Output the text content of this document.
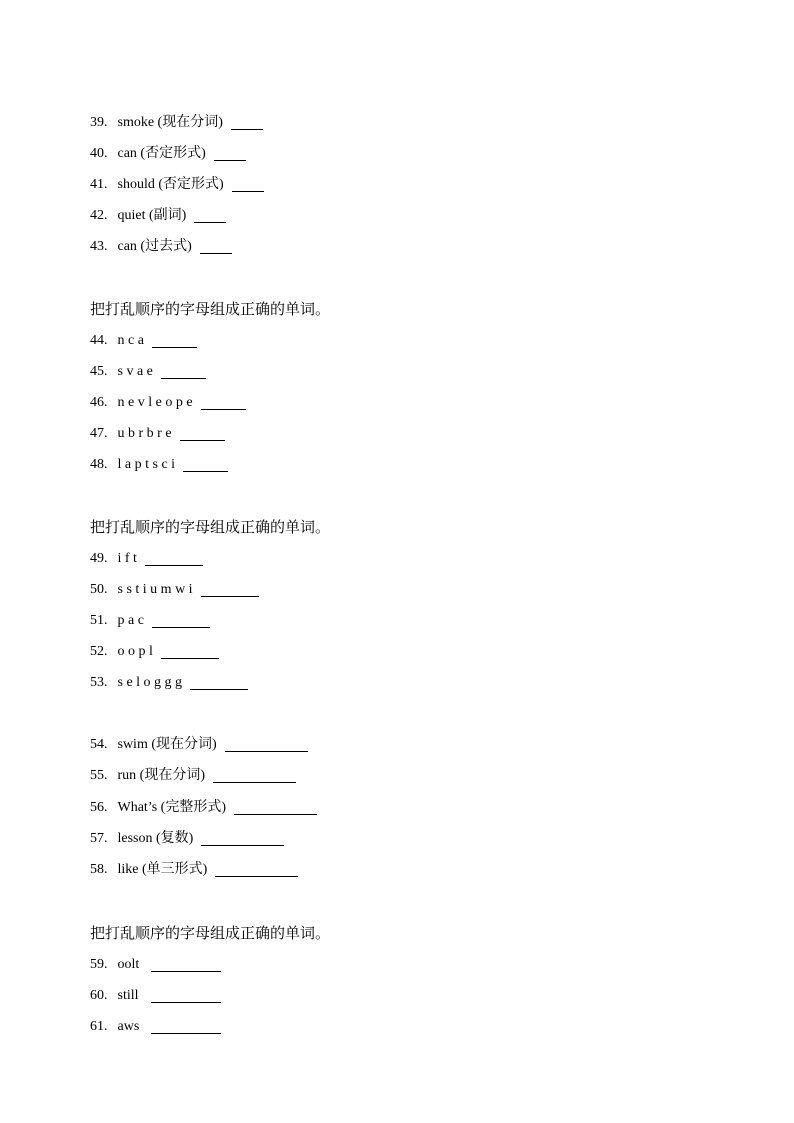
39. smoke (现在分词)
40. can (否定形式)
41. should (否定形式)
42. quiet (副词)
43. can (过去式)
把打乱顺序的字母组成正确的单词。
44. n c a
45. s v a e
46. n e v l e o p e
47. u b r b r e
48. l a p t s c i
把打乱顺序的字母组成正确的单词。
49. i f t
50. s s t i u m w i
51. p a c
52. o o p l
53. s e l o g g g
54. swim (现在分词)
55. run (现在分词)
56. What’s (完整形式)
57. lesson (复数)
58. like (单三形式)
把打乱顺序的字母组成正确的单词。
59. oolt
60. still
61. aws
